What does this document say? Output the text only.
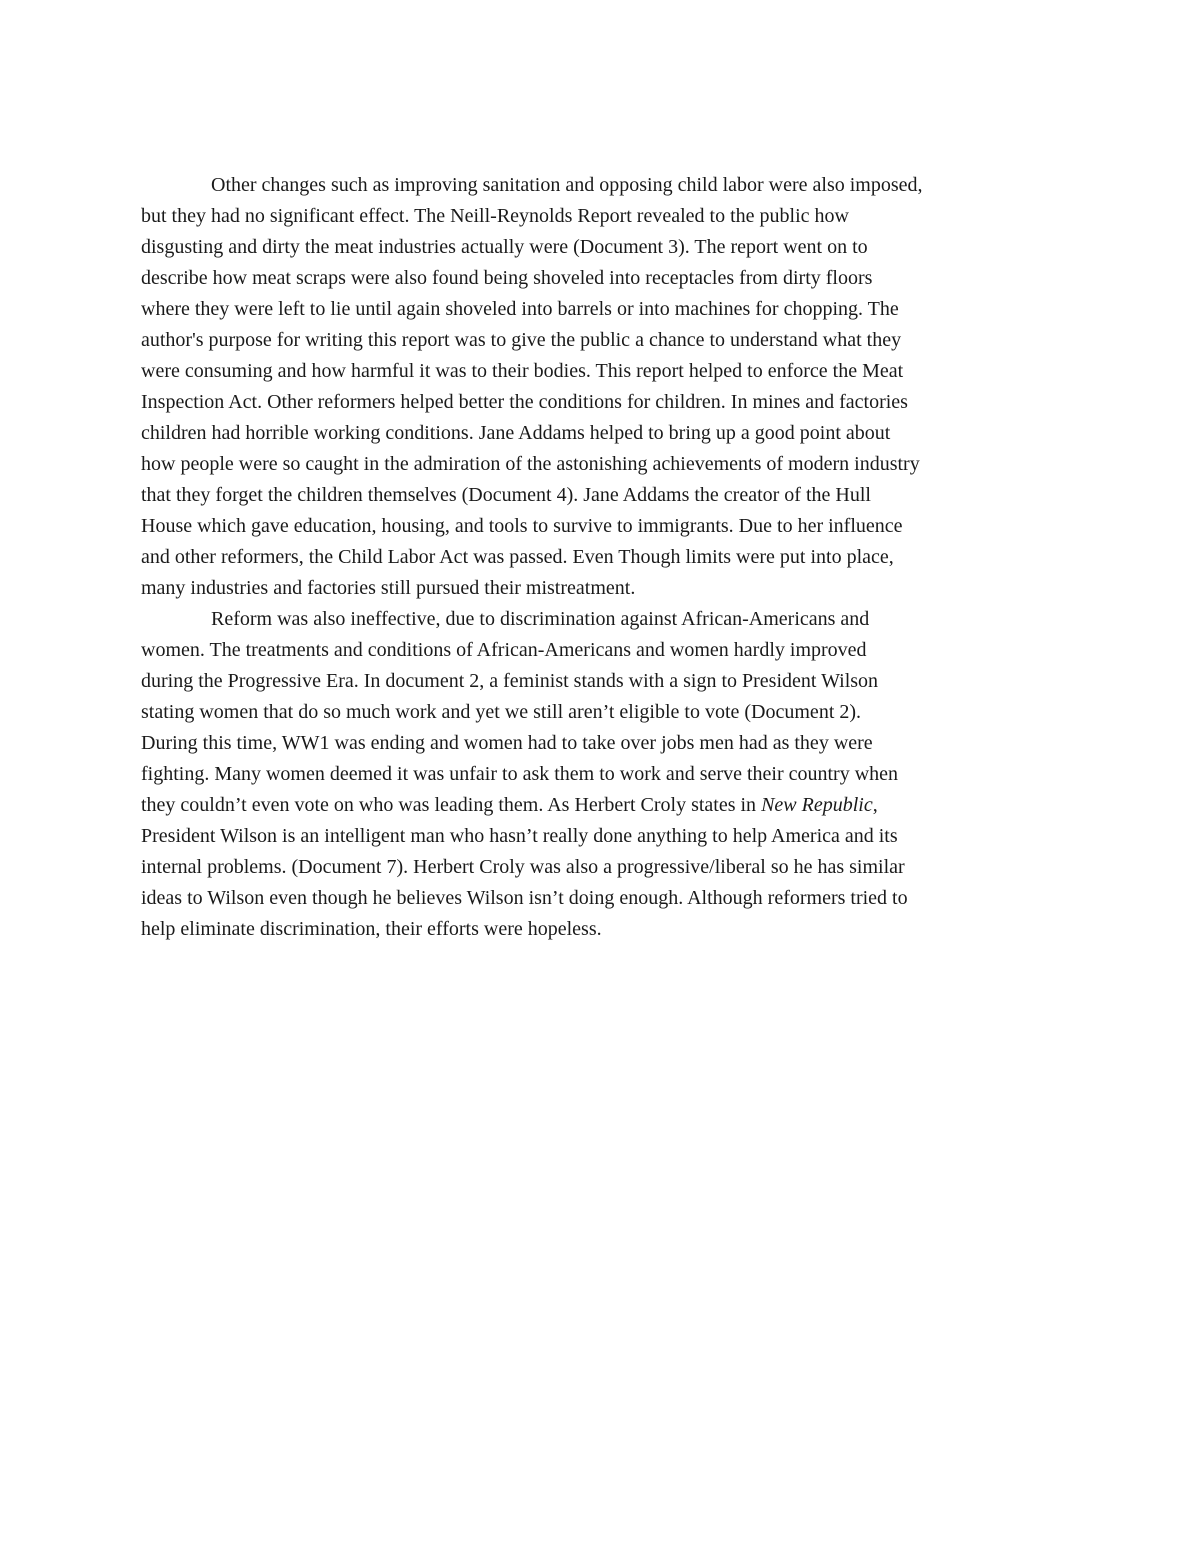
Other changes such as improving sanitation and opposing child labor were also imposed,
but they had no significant effect. The Neill-Reynolds Report revealed to the public how
disgusting and dirty the meat industries actually were (Document 3). The report went on to
describe how meat scraps were also found being shoveled into receptacles from dirty floors
where they were left to lie until again shoveled into barrels or into machines for chopping. The
author's purpose for writing this report was to give the public a chance to understand what they
were consuming and how harmful it was to their bodies. This report helped to enforce the Meat
Inspection Act. Other reformers helped better the conditions for children. In mines and factories
children had horrible working conditions. Jane Addams helped to bring up a good point about
how people were so caught in the admiration of the astonishing achievements of modern industry
that they forget the children themselves (Document 4). Jane Addams the creator of the Hull
House which gave education, housing, and tools to survive to immigrants. Due to her influence
and other reformers, the Child Labor Act was passed. Even Though limits were put into place,
many industries and factories still pursued their mistreatment.

Reform was also ineffective, due to discrimination against African-Americans and
women. The treatments and conditions of African-Americans and women hardly improved
during the Progressive Era. In document 2, a feminist stands with a sign to President Wilson
stating women that do so much work and yet we still aren’t eligible to vote (Document 2).
During this time, WW1 was ending and women had to take over jobs men had as they were
fighting. Many women deemed it was unfair to ask them to work and serve their country when
they couldn’t even vote on who was leading them. As Herbert Croly states in New Republic,
President Wilson is an intelligent man who hasn’t really done anything to help America and its
internal problems. (Document 7). Herbert Croly was also a progressive/liberal so he has similar
ideas to Wilson even though he believes Wilson isn’t doing enough. Although reformers tried to
help eliminate discrimination, their efforts were hopeless.
